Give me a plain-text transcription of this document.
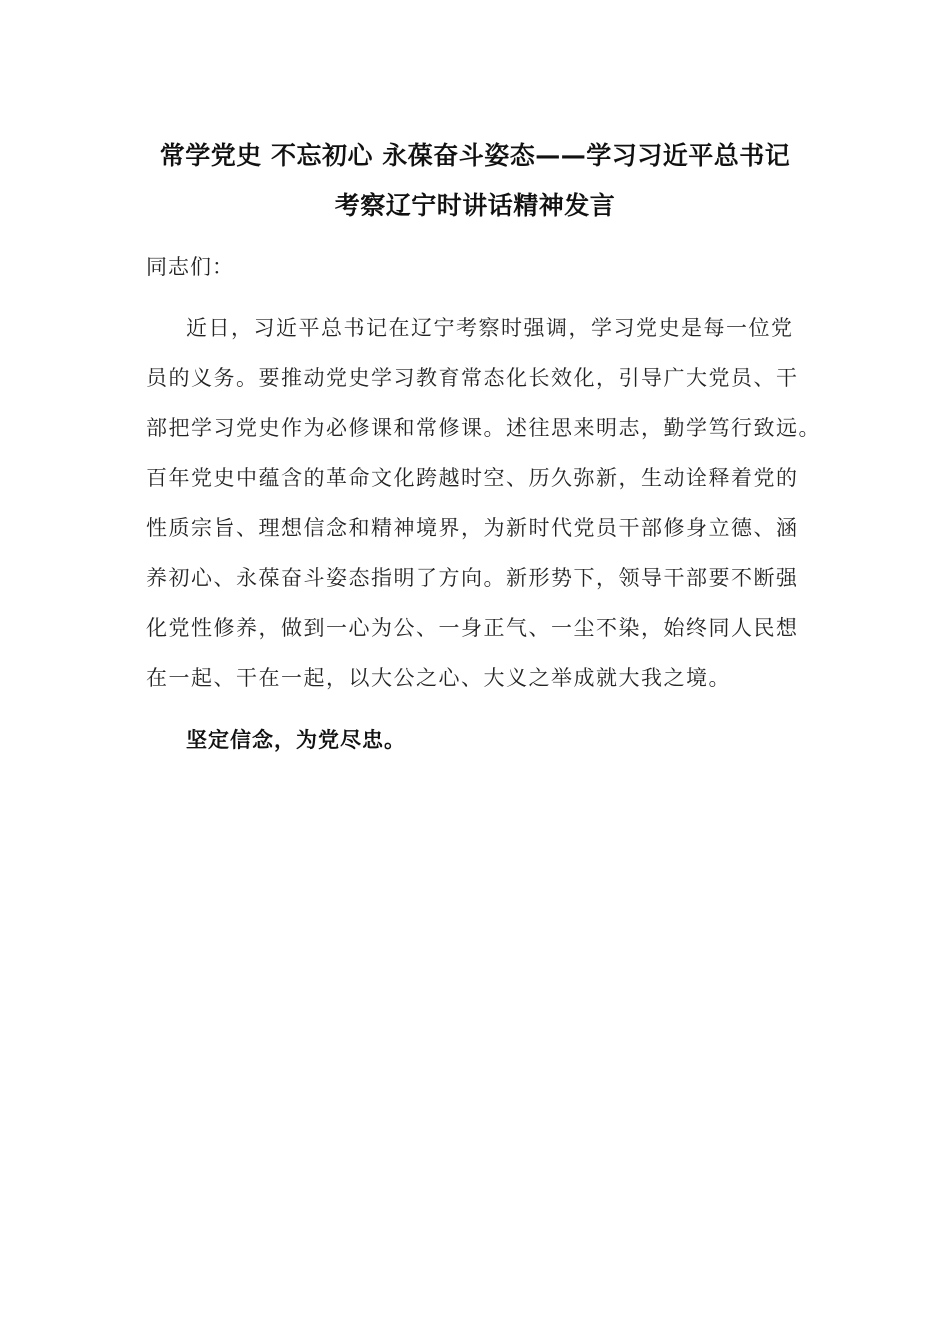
常学党史 不忘初心 永葆奋斗姿态——学习习近平总书记
考察辽宁时讲话精神发言
同志们：
近日，习近平总书记在辽宁考察时强调，学习党史是每一位党
员的义务。要推动党史学习教育常态化长效化，引导广大党员、干
部把学习党史作为必修课和常修课。述往思来明志，勤学笃行致远。
百年党史中蕴含的革命文化跨越时空、历久弥新，生动诠释着党的
性质宗旨、理想信念和精神境界，为新时代党员干部修身立德、涵
养初心、永葆奋斗姿态指明了方向。新形势下，领导干部要不断强
化党性修养，做到一心为公、一身正气、一尘不染，始终同人民想
在一起、干在一起，以大公之心、大义之举成就大我之境。
坚定信念，为党尽忠。
